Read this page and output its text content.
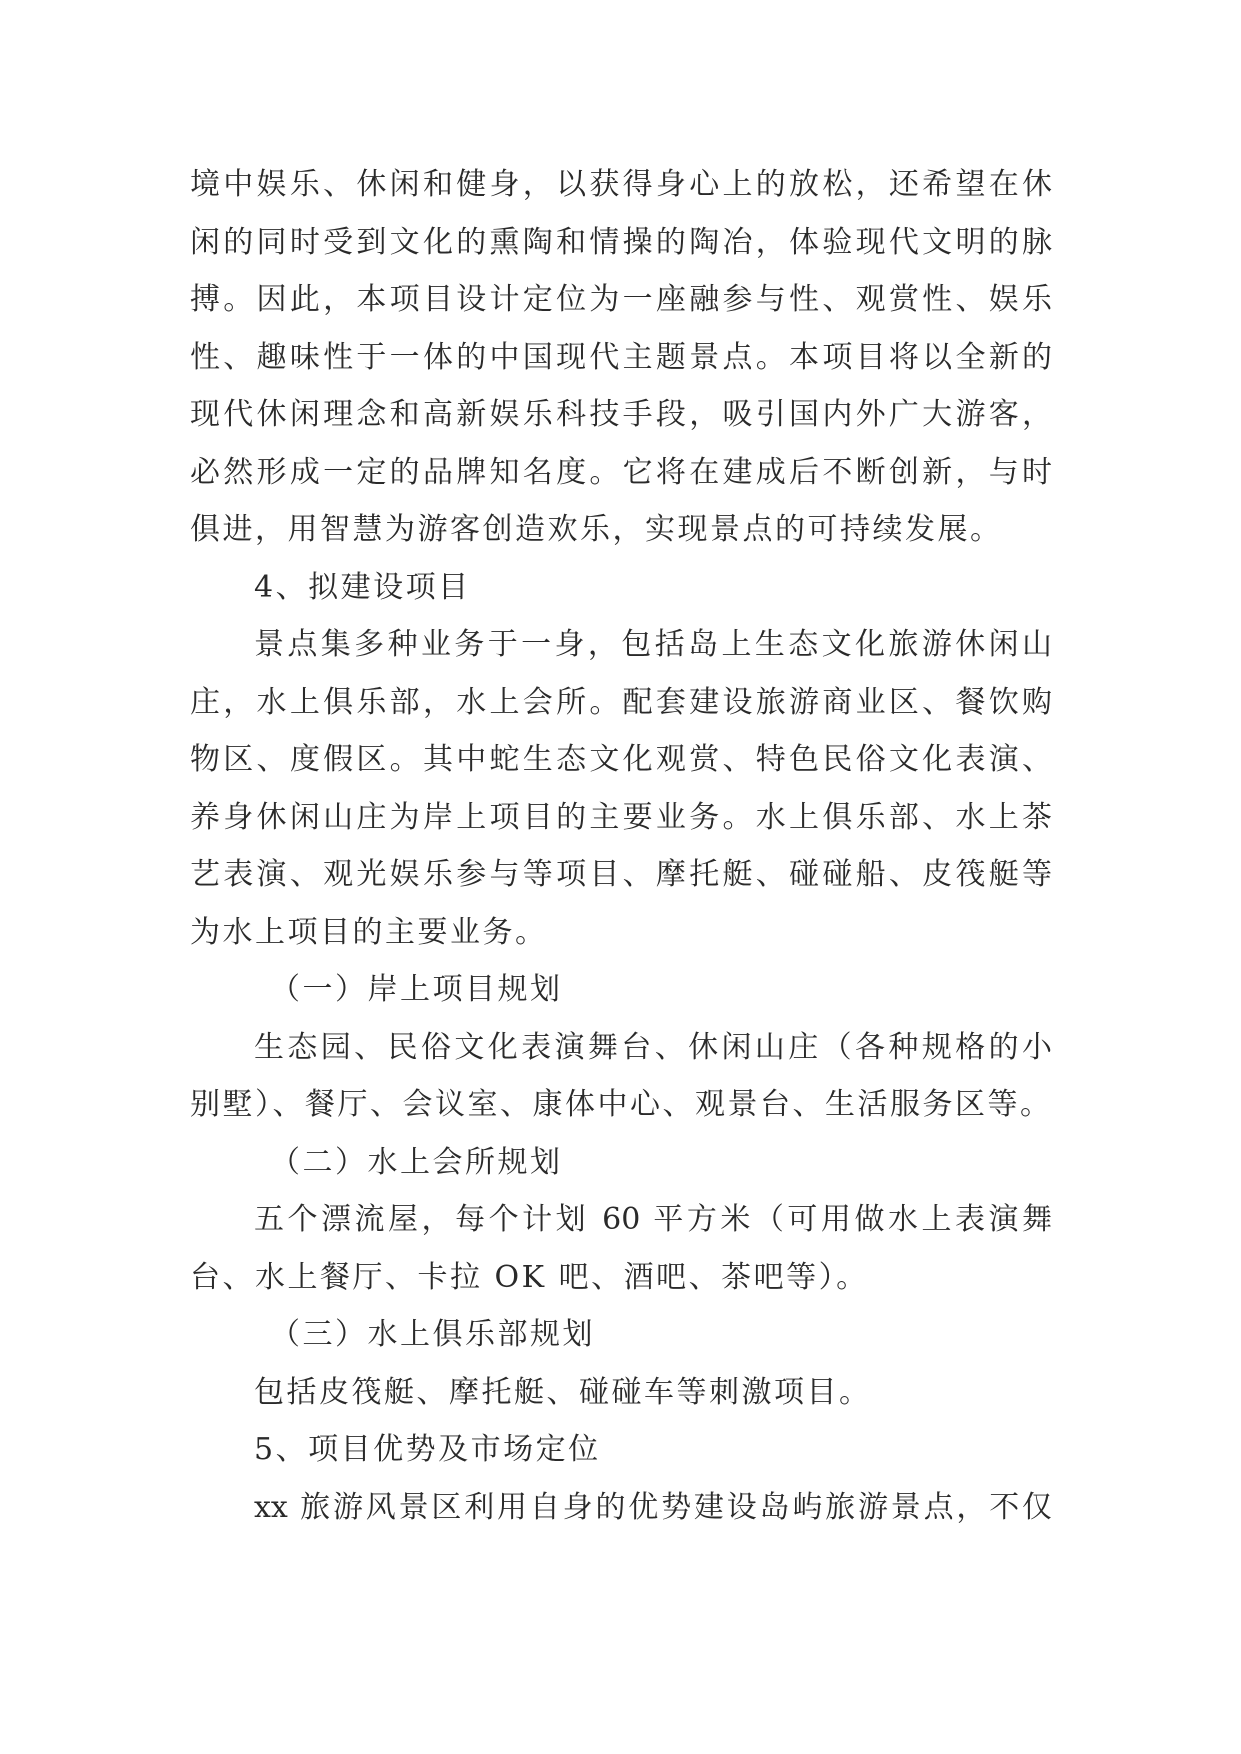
境中娱乐、休闲和健身，以获得身心上的放松，还希望在休
闲的同时受到文化的熏陶和情操的陶冶，体验现代文明的脉
搏。因此，本项目设计定位为一座融参与性、观赏性、娱乐
性、趣味性于一体的中国现代主题景点。本项目将以全新的
现代休闲理念和高新娱乐科技手段，吸引国内外广大游客，
必然形成一定的品牌知名度。它将在建成后不断创新，与时
俱进，用智慧为游客创造欢乐，实现景点的可持续发展。
4、拟建设项目
景点集多种业务于一身，包括岛上生态文化旅游休闲山
庄，水上俱乐部，水上会所。配套建设旅游商业区、餐饮购
物区、度假区。其中蛇生态文化观赏、特色民俗文化表演、
养身休闲山庄为岸上项目的主要业务。水上俱乐部、水上茶
艺表演、观光娱乐参与等项目、摩托艇、碰碰船、皮筏艇等
为水上项目的主要业务。
（一）岸上项目规划
生态园、民俗文化表演舞台、休闲山庄（各种规格的小
别墅）、餐厅、会议室、康体中心、观景台、生活服务区等。
（二）水上会所规划
五个漂流屋，每个计划 60 平方米（可用做水上表演舞
台、水上餐厅、卡拉 OK 吧、酒吧、茶吧等）。
（三）水上俱乐部规划
包括皮筏艇、摩托艇、碰碰车等刺激项目。
5、项目优势及市场定位
xx 旅游风景区利用自身的优势建设岛屿旅游景点，不仅
